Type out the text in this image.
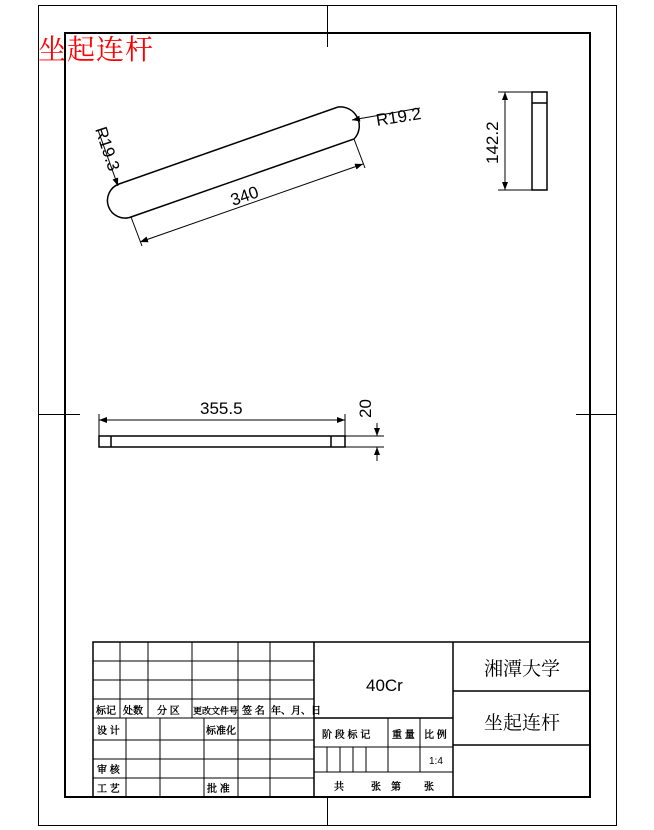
坐起连杆
R19.3
R19.2
340
142.2
355.5	20
40Cr
湘潭大学
坐起连杆
标记 处数 分 区 更改文件号 签 名 年、月、日
设 计	标准化
审 核
工 艺	批 准
阶 段 标 记 重 量 比 例
共	张 第 张
1:4
